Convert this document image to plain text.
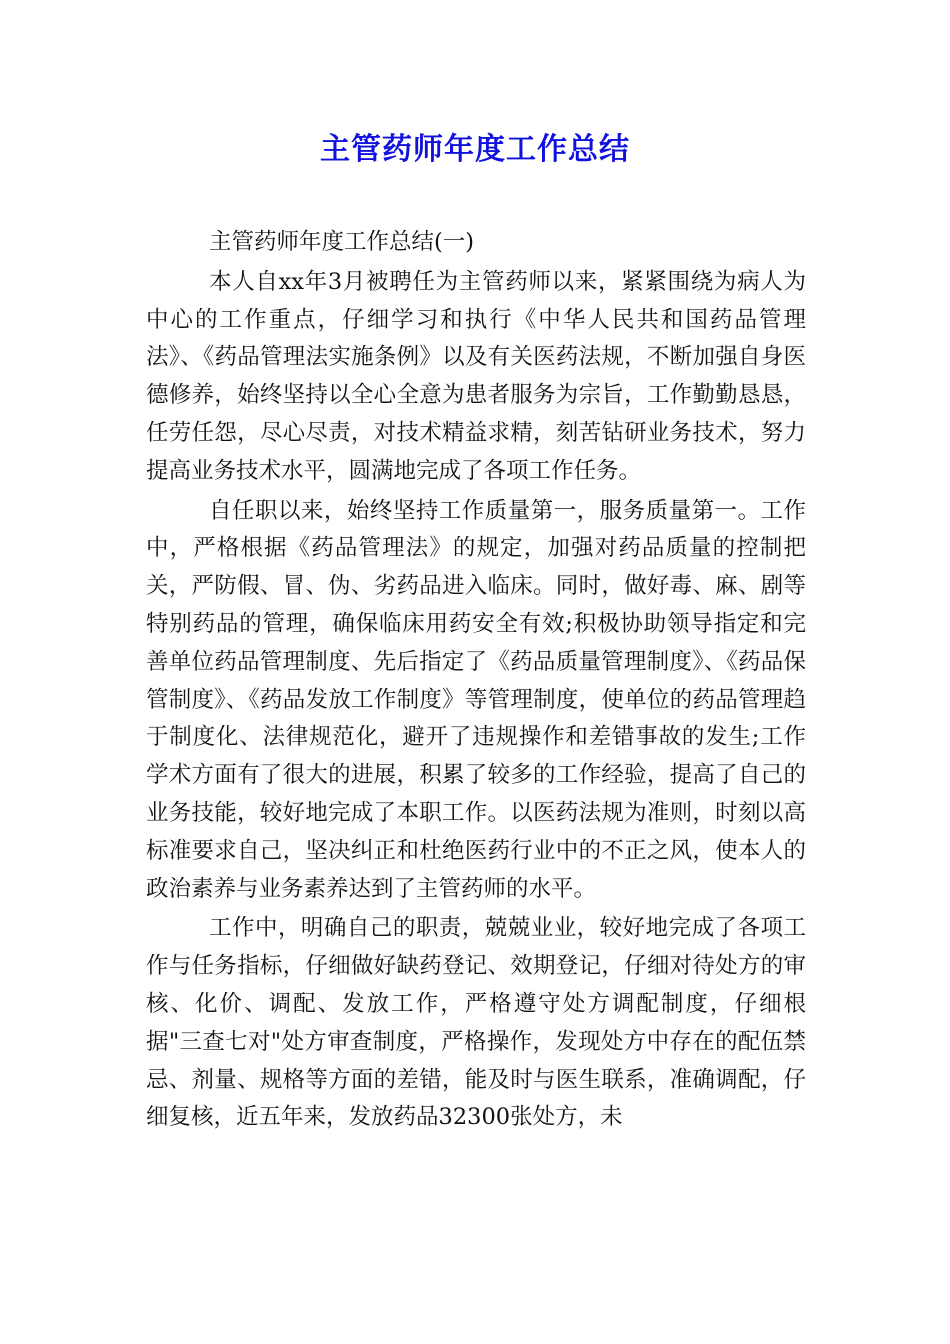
主管药师年度工作总结

主管药师年度工作总结(一)

本人自xx年3月被聘任为主管药师以来，紧紧围绕为病人为中心的工作重点，仔细学习和执行《中华人民共和国药品管理法》、《药品管理法实施条例》以及有关医药法规，不断加强自身医德修养，始终坚持以全心全意为患者服务为宗旨，工作勤勤恳恳，任劳任怨，尽心尽责，对技术精益求精，刻苦钻研业务技术，努力提高业务技术水平，圆满地完成了各项工作任务。

自任职以来，始终坚持工作质量第一，服务质量第一。工作中，严格根据《药品管理法》的规定，加强对药品质量的控制把关，严防假、冒、伪、劣药品进入临床。同时，做好毒、麻、剧等特别药品的管理，确保临床用药安全有效;积极协助领导指定和完善单位药品管理制度、先后指定了《药品质量管理制度》、《药品保管制度》、《药品发放工作制度》等管理制度，使单位的药品管理趋于制度化、法律规范化，避开了违规操作和差错事故的发生;工作学术方面有了很大的进展，积累了较多的工作经验，提高了自己的业务技能，较好地完成了本职工作。以医药法规为准则，时刻以高标准要求自己，坚决纠正和杜绝医药行业中的不正之风，使本人的政治素养与业务素养达到了主管药师的水平。

工作中，明确自己的职责，兢兢业业，较好地完成了各项工作与任务指标，仔细做好缺药登记、效期登记，仔细对待处方的审核、化价、调配、发放工作，严格遵守处方调配制度，仔细根据"三查七对"处方审查制度，严格操作，发现处方中存在的配伍禁忌、剂量、规格等方面的差错，能及时与医生联系，准确调配，仔细复核，近五年来，发放药品32300张处方，未
